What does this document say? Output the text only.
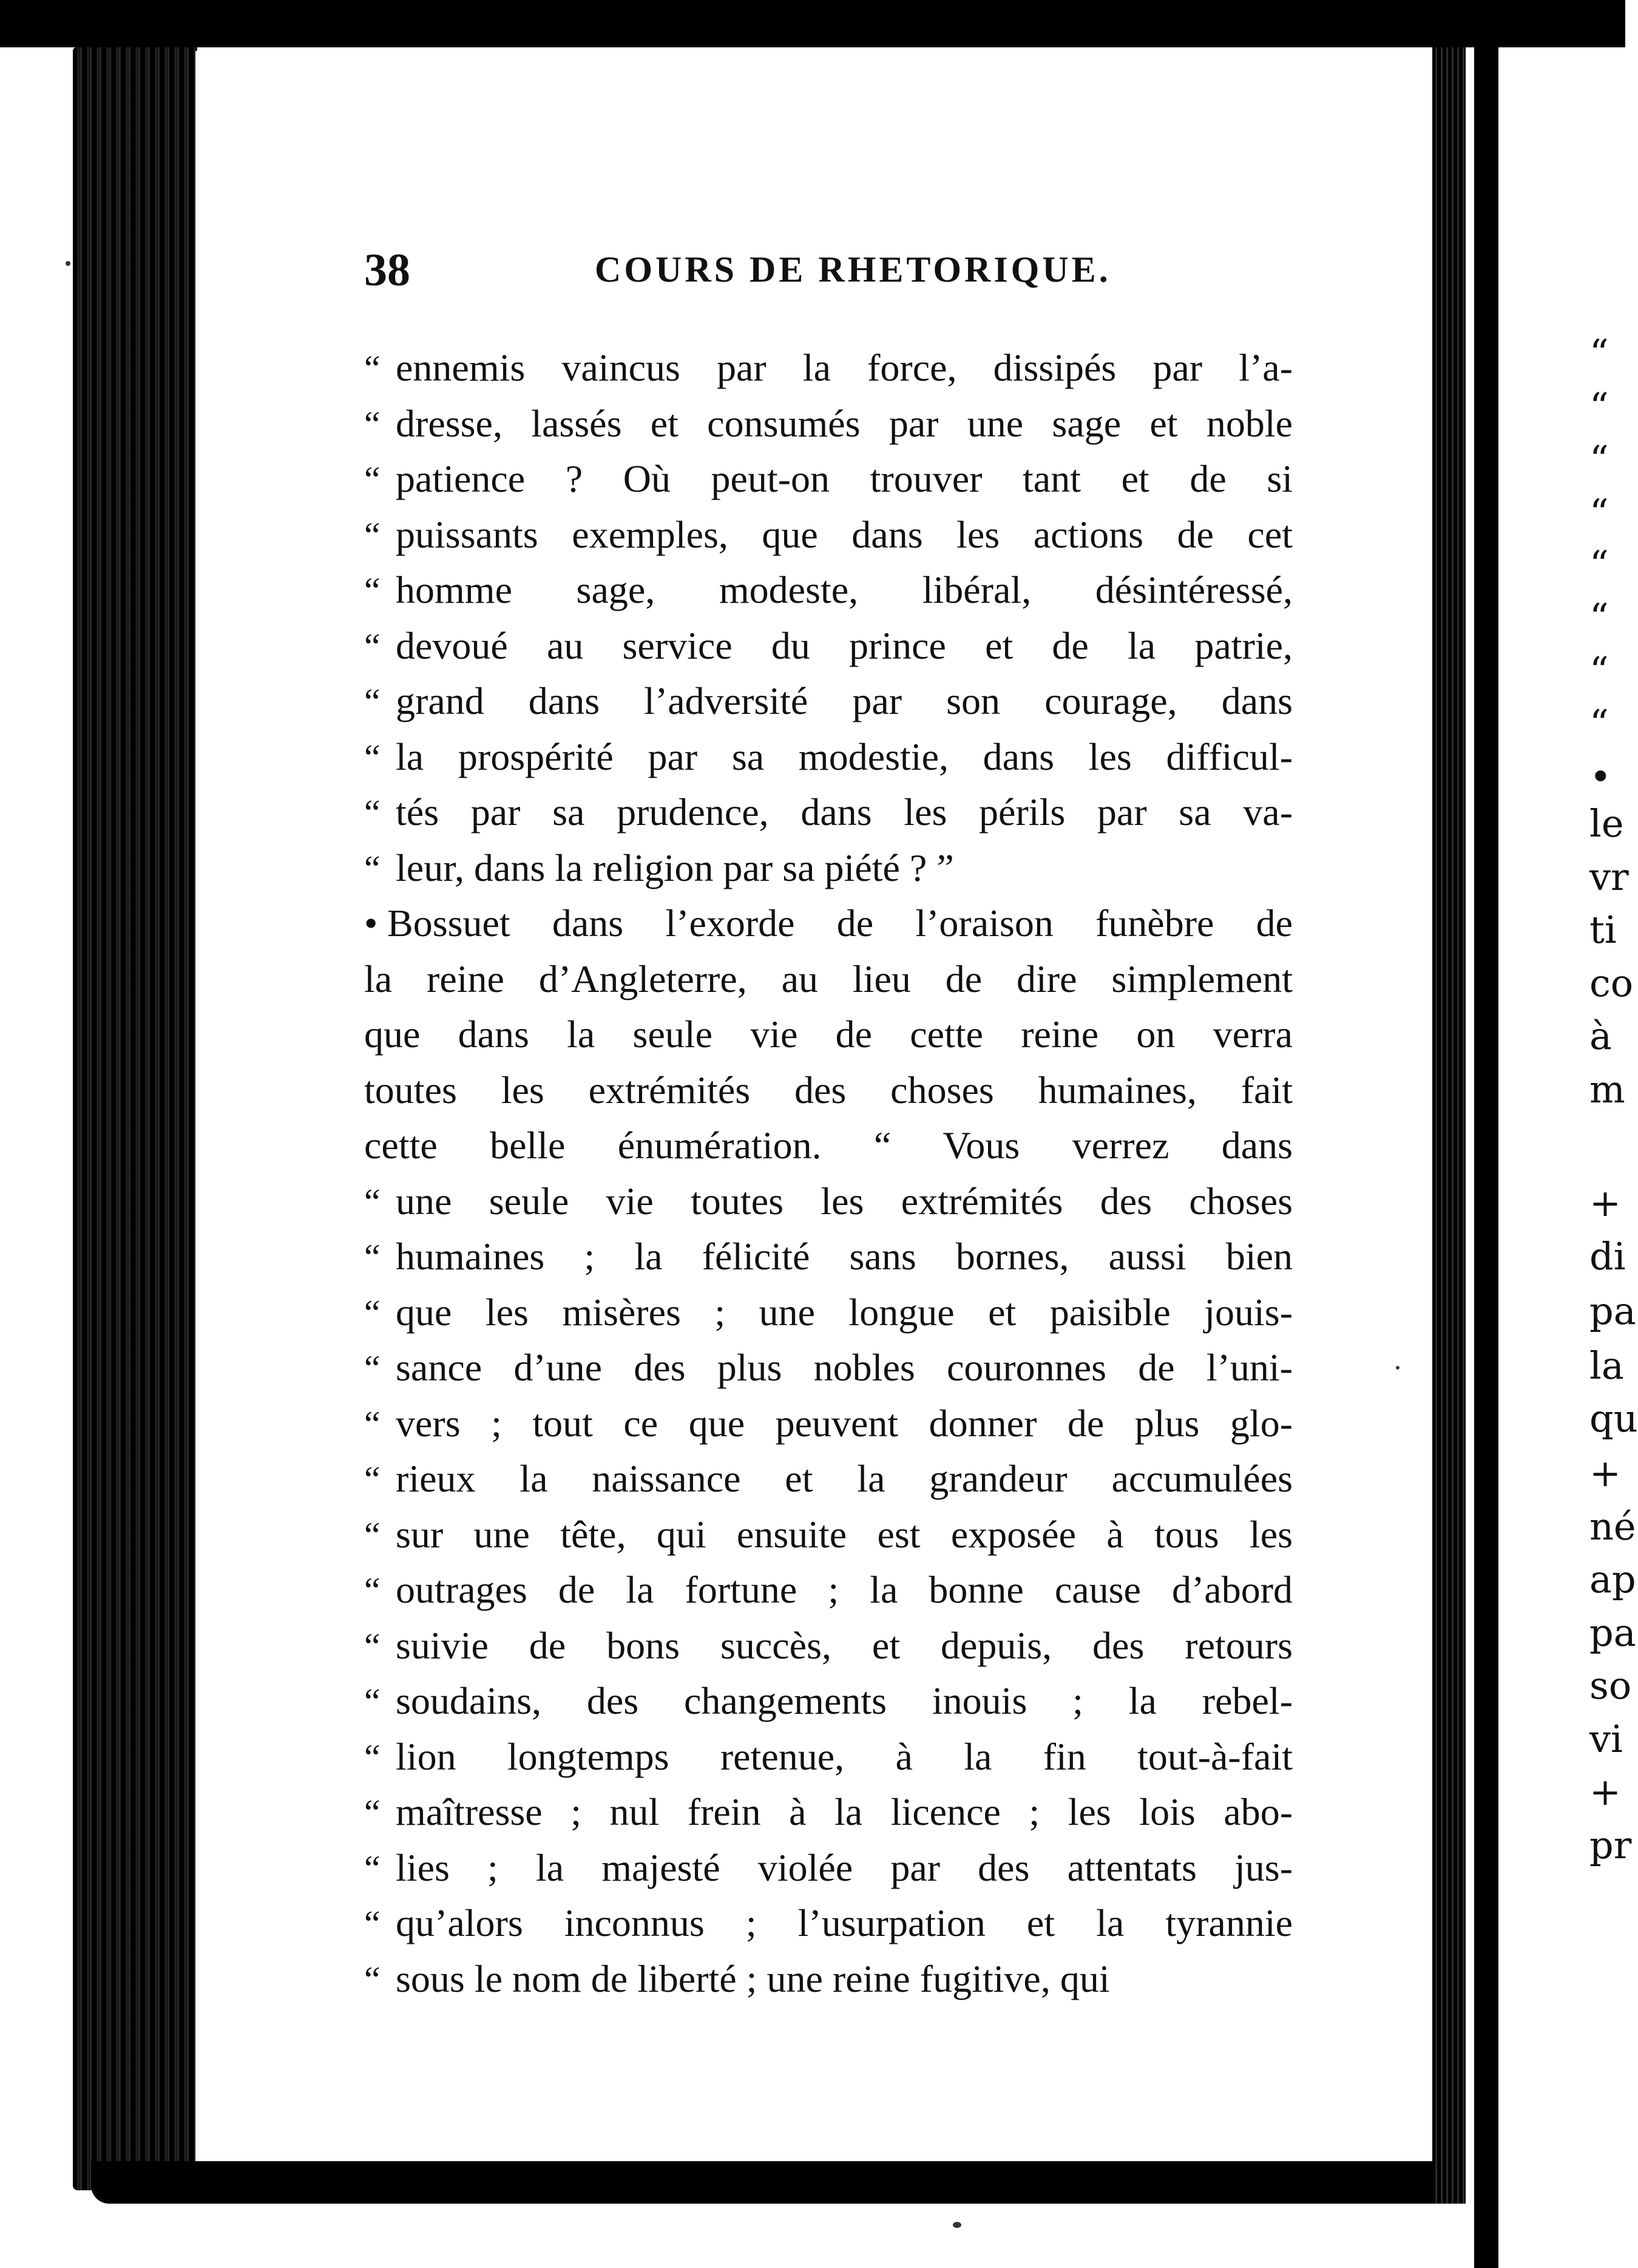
“
“
“
“
“
“
“
“
•
le
vr
ti
co
à
m
+
di
pa
la
qu
+
né
ap
pa
so
vi
+
pr
38	COURS DE RHETORIQUE.
“ ennemis vaincus par la force, dissipés par l’a-
“ dresse, lassés et consumés par une sage et noble
“ patience ? Où peut-on trouver tant et de si
“ puissants exemples, que dans les actions de cet
“ homme sage, modeste, libéral, désintéressé,
“ devoué au service du prince et de la patrie,
“ grand dans l’adversité par son courage, dans
“ la prospérité par sa modestie, dans les difficul-
“ tés par sa prudence, dans les périls par sa va-
“ leur, dans la religion par sa piété ? ”
• Bossuet dans l’exorde de l’oraison funèbre de
la reine d’Angleterre, au lieu de dire simplement
que dans la seule vie de cette reine on verra
toutes les extrémités des choses humaines, fait
cette belle énumération. “ Vous verrez dans
“ une seule vie toutes les extrémités des choses
“ humaines ; la félicité sans bornes, aussi bien
“ que les misères ; une longue et paisible jouis-
“ sance d’une des plus nobles couronnes de l’uni-
“ vers ; tout ce que peuvent donner de plus glo-
“ rieux la naissance et la grandeur accumulées
“ sur une tête, qui ensuite est exposée à tous les
“ outrages de la fortune ; la bonne cause d’abord
“ suivie de bons succès, et depuis, des retours
“ soudains, des changements inouis ; la rebel-
“ lion longtemps retenue, à la fin tout-à-fait
“ maîtresse ; nul frein à la licence ; les lois abo-
“ lies ; la majesté violée par des attentats jus-
“ qu’alors inconnus ; l’usurpation et la tyrannie
“ sous le nom de liberté ; une reine fugitive, qui
